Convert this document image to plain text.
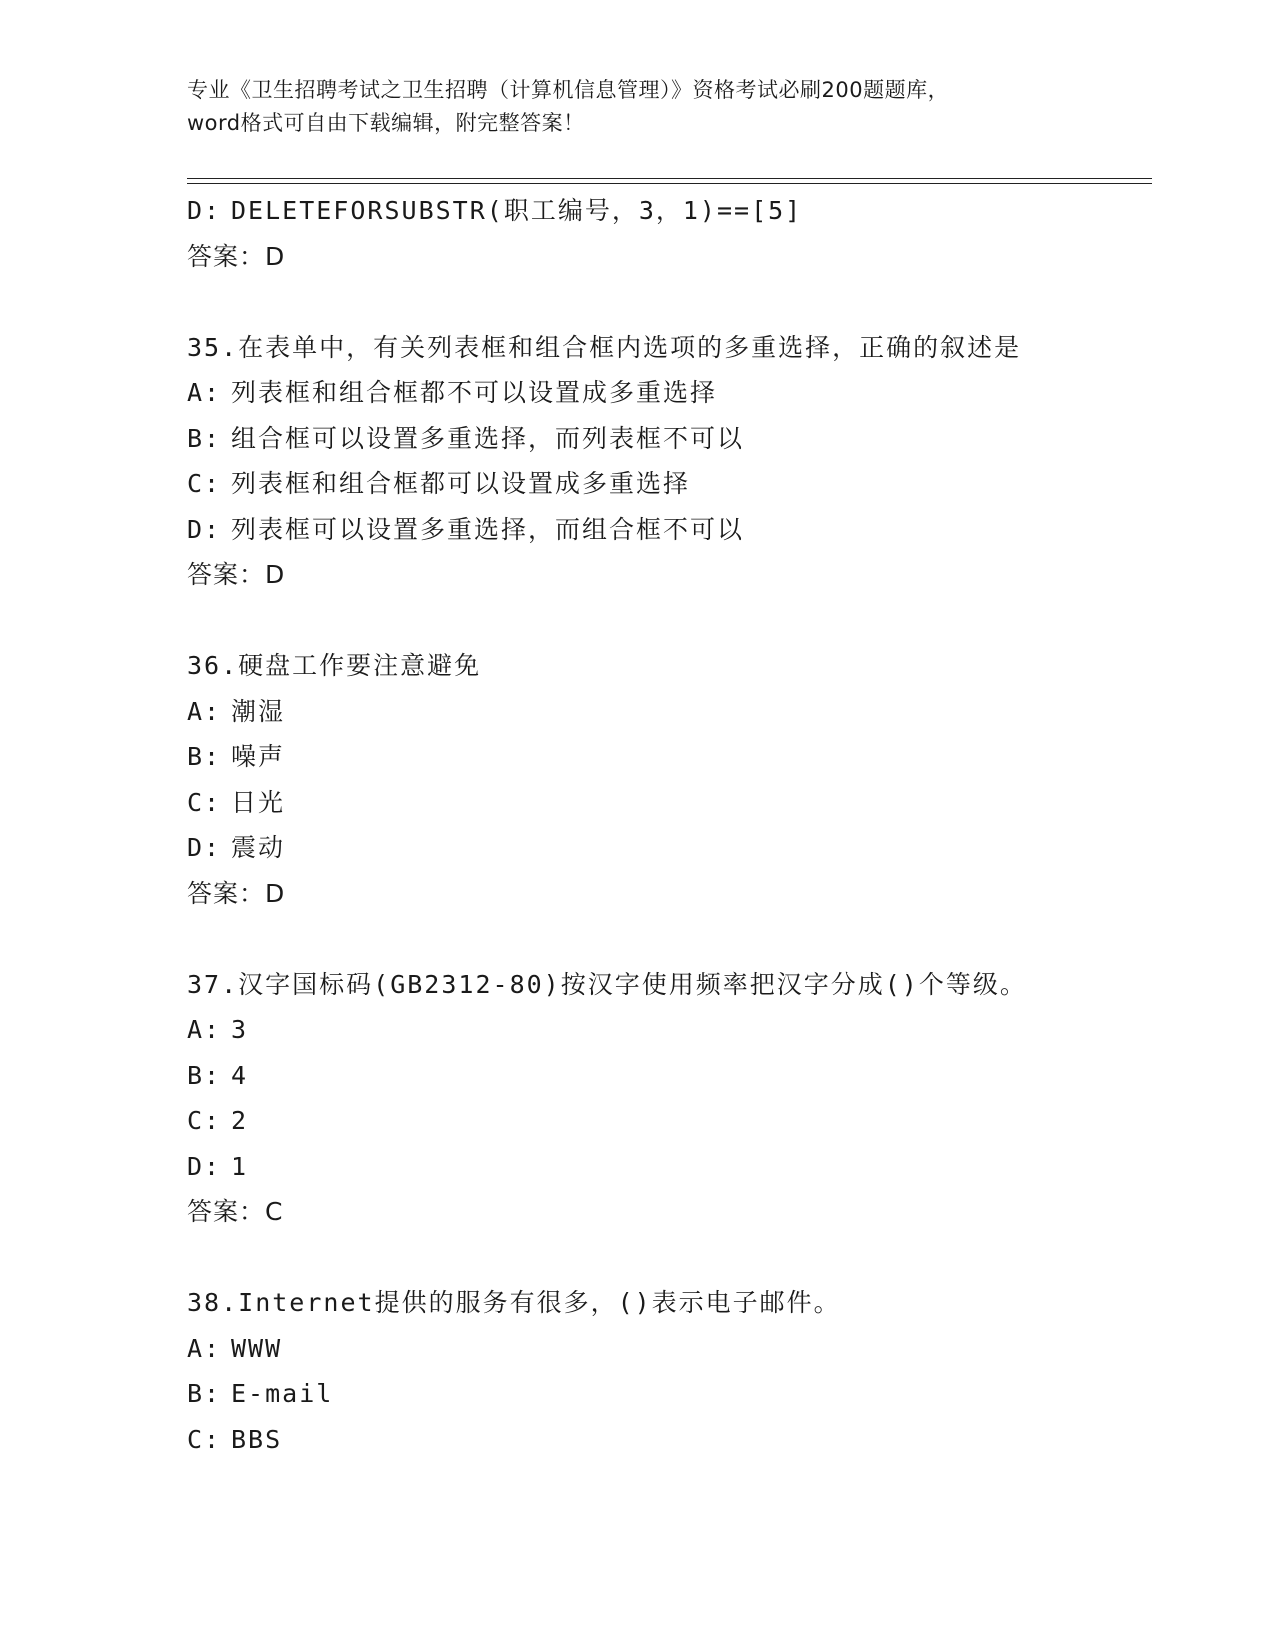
专业《卫生招聘考试之卫生招聘（计算机信息管理）》资格考试必刷200题题库，
word格式可自由下载编辑，附完整答案！
D: DELETEFORSUBSTR(职工编号，3，1)==[5]
答案：D
35.在表单中，有关列表框和组合框内选项的多重选择，正确的叙述是
A: 列表框和组合框都不可以设置成多重选择
B: 组合框可以设置多重选择，而列表框不可以
C: 列表框和组合框都可以设置成多重选择
D: 列表框可以设置多重选择，而组合框不可以
答案：D
36.硬盘工作要注意避免
A: 潮湿
B: 噪声
C: 日光
D: 震动
答案：D
37.汉字国标码(GB2312-80)按汉字使用频率把汉字分成()个等级。
A: 3
B: 4
C: 2
D: 1
答案：C
38.Internet提供的服务有很多，()表示电子邮件。
A: WWW
B: E-mail
C: BBS
